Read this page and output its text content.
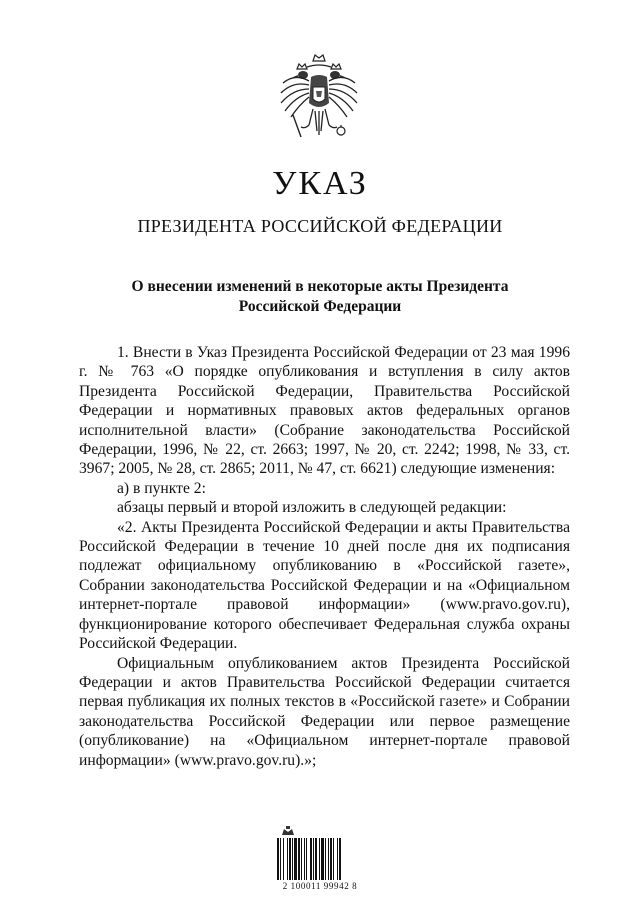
УКАЗ
ПРЕЗИДЕНТА РОССИЙСКОЙ ФЕДЕРАЦИИ
О внесении изменений в некоторые акты Президента
Российской Федерации

1. Внести в Указ Президента Российской Федерации от 23 мая 1996 г. № 763 «О порядке опубликования и вступления в силу актов Президента Российской Федерации, Правительства Российской Федерации и нормативных правовых актов федеральных органов исполнительной власти» (Собрание законодательства Российской Федерации, 1996, № 22, ст. 2663; 1997, № 20, ст. 2242; 1998, № 33, ст. 3967; 2005, № 28, ст. 2865; 2011, № 47, ст. 6621) следующие изменения:

а) в пункте 2:

абзацы первый и второй изложить в следующей редакции:

«2. Акты Президента Российской Федерации и акты Правительства Российской Федерации в течение 10 дней после дня их подписания подлежат официальному опубликованию в «Российской газете», Собрании законодательства Российской Федерации и на «Официальном интернет-портале правовой информации» (www.pravo.gov.ru), функционирование которого обеспечивает Федеральная служба охраны Российской Федерации.

Официальным опубликованием актов Президента Российской Федерации и актов Правительства Российской Федерации считается первая публикация их полных текстов в «Российской газете» и Собрании законодательства Российской Федерации или первое размещение (опубликование) на «Официальном интернет-портале правовой информации» (www.pravo.gov.ru).»;

2 100011 99942 8
